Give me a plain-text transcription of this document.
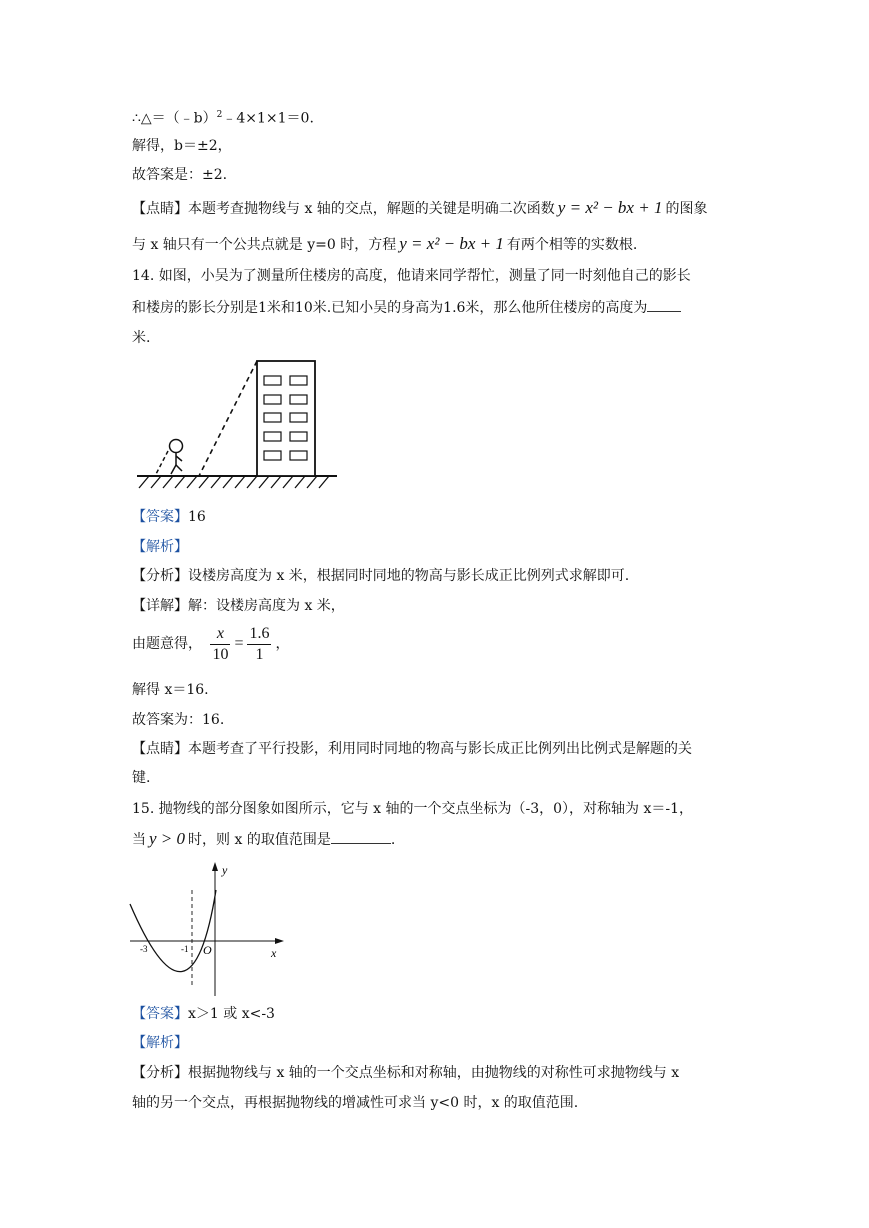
∴△＝（﹣b）$^2$﹣4×1×1＝0.
解得，b＝±2，
故答案是：±2.
【点睛】本题考查抛物线与 x 轴的交点，解题的关键是明确二次函数 y = x² − bx + 1 的图象
与 x 轴只有一个公共点就是 y=0 时，方程 y = x² − bx + 1 有两个相等的实数根.
14. 如图，小吴为了测量所住楼房的高度，他请来同学帮忙，测量了同一时刻他自己的影长
和楼房的影长分别是1米和10米.已知小吴的身高为1.6米，那么他所住楼房的高度为
米.
【答案】16
【解析】
【分析】设楼房高度为 x 米，根据同时同地的物高与影长成正比例列式求解即可.
【详解】解：设楼房高度为 x 米，
由题意得， $\frac{x}{10} = \frac{1.6}{1}$ ，
解得 x＝16.
故答案为：16.
【点睛】本题考查了平行投影，利用同时同地的物高与影长成正比例列出比例式是解题的关
键.
15. 抛物线的部分图象如图所示，它与 x 轴的一个交点坐标为（-3，0），对称轴为 x＝-1，
当 y > 0 时，则 x 的取值范围是	.
y
x
O
-3	-1
【答案】x＞1 或 x<-3
【解析】
【分析】根据抛物线与 x 轴的一个交点坐标和对称轴，由抛物线的对称性可求抛物线与 x
轴的另一个交点，再根据抛物线的增减性可求当 y<0 时，x 的取值范围.
